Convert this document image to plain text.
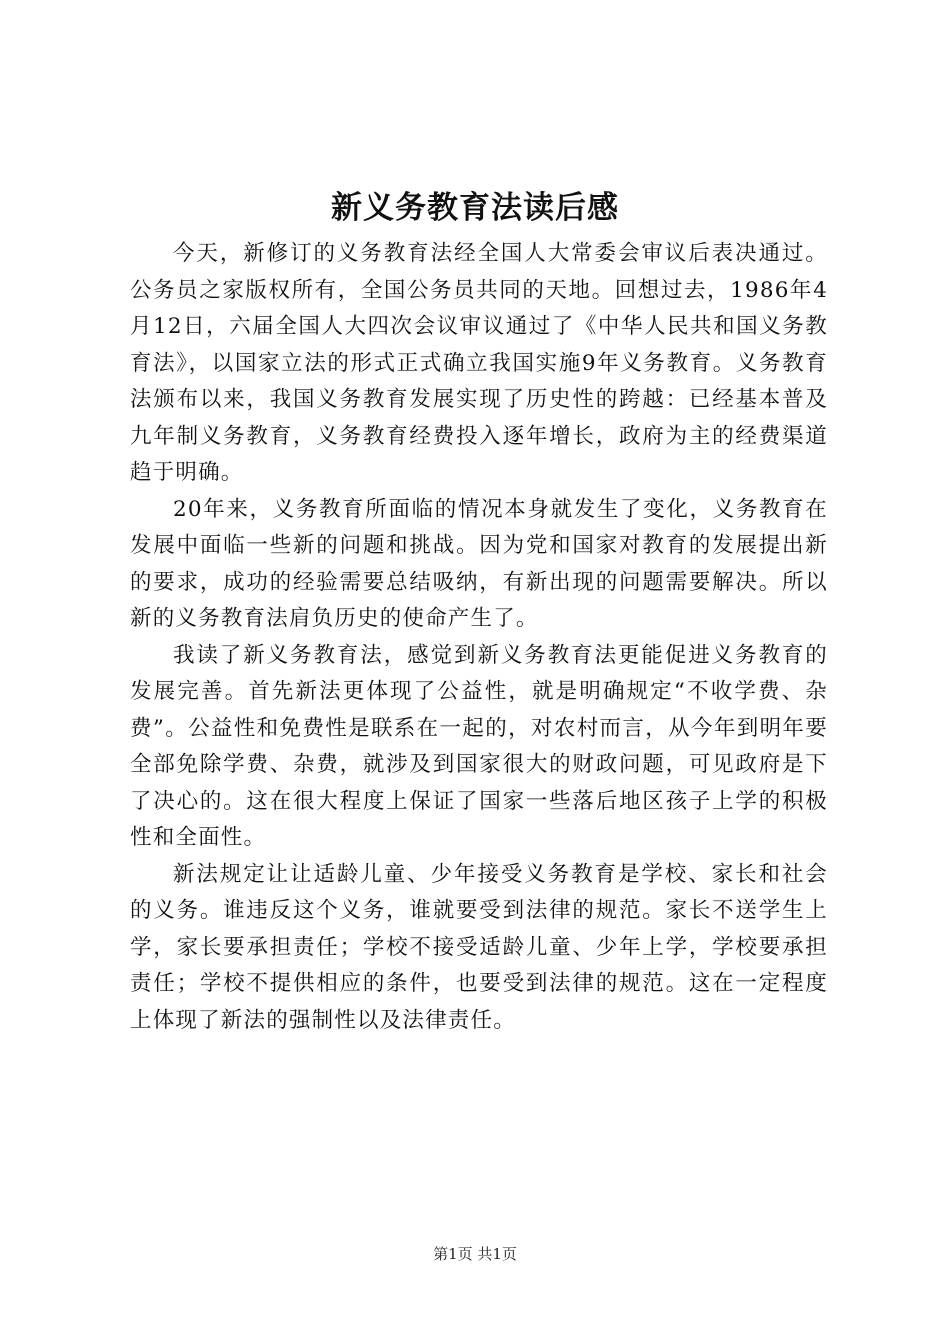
新义务教育法读后感

今天，新修订的义务教育法经全国人大常委会审议后表决通过。公务员之家版权所有，全国公务员共同的天地。回想过去，1986年4月12日，六届全国人大四次会议审议通过了《中华人民共和国义务教育法》，以国家立法的形式正式确立我国实施9年义务教育。义务教育法颁布以来，我国义务教育发展实现了历史性的跨越：已经基本普及九年制义务教育，义务教育经费投入逐年增长，政府为主的经费渠道趋于明确。

20年来，义务教育所面临的情况本身就发生了变化，义务教育在发展中面临一些新的问题和挑战。因为党和国家对教育的发展提出新的要求，成功的经验需要总结吸纳，有新出现的问题需要解决。所以新的义务教育法肩负历史的使命产生了。

我读了新义务教育法，感觉到新义务教育法更能促进义务教育的发展完善。首先新法更体现了公益性，就是明确规定“不收学费、杂费”。公益性和免费性是联系在一起的，对农村而言，从今年到明年要全部免除学费、杂费，就涉及到国家很大的财政问题，可见政府是下了决心的。这在很大程度上保证了国家一些落后地区孩子上学的积极性和全面性。

新法规定让让适龄儿童、少年接受义务教育是学校、家长和社会的义务。谁违反这个义务，谁就要受到法律的规范。家长不送学生上学，家长要承担责任；学校不接受适龄儿童、少年上学，学校要承担责任；学校不提供相应的条件，也要受到法律的规范。这在一定程度上体现了新法的强制性以及法律责任。

第1页 共1页
